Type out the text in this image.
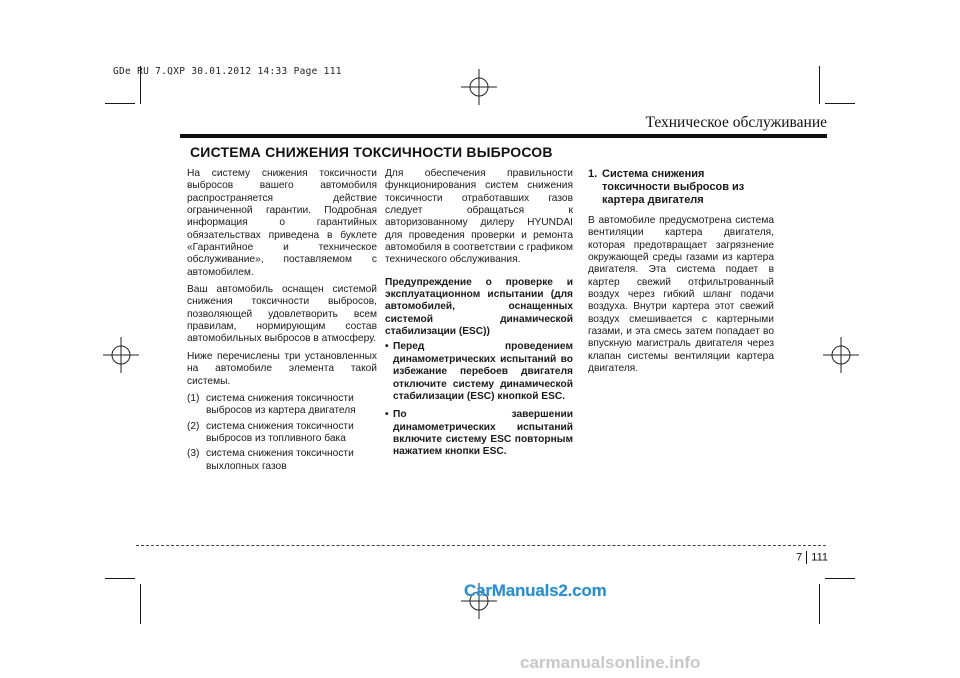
GDe RU 7.QXP 30.01.2012 14:33 Page 111
Техническое обслуживание
СИСТЕМА СНИЖЕНИЯ ТОКСИЧНОСТИ ВЫБРОСОВ

На систему снижения токсичности выбросов вашего автомобиля распространяется действие ограниченной гарантии. Подробная информация о гарантийных обязательствах приведена в буклете «Гарантийное и техническое обслуживание», поставляемом с автомобилем.

Ваш автомобиль оснащен системой снижения токсичности выбросов, позволяющей удовлетворить всем правилам, нормирующим состав автомобильных выбросов в атмосферу.

Ниже перечислены три установленных на автомобиле элемента такой системы.

(1) система снижения токсичности выбросов из картера двигателя
(2) система снижения токсичности выбросов из топливного бака
(3) система снижения токсичности выхлопных газов

Для обеспечения правильности функционирования систем снижения токсичности отработавших газов следует обращаться к авторизованному дилеру HYUNDAI для проведения проверки и ремонта автомобиля в соответствии с графиком технического обслуживания.

Предупреждение о проверке и эксплуатационном испытании (для автомобилей, оснащенных системой динамической стабилизации (ESC))

• Перед проведением динамометрических испытаний во избежание перебоев двигателя отключите систему динамической стабилизации (ESC) кнопкой ESC.
• По завершении динамометрических испытаний включите систему ESC повторным нажатием кнопки ESC.
1. Система снижения токсичности выбросов из картера двигателя

В автомобиле предусмотрена система вентиляции картера двигателя, которая предотвращает загрязнение окружающей среды газами из картера двигателя. Эта система подает в картер свежий отфильтрованный воздух через гибкий шланг подачи воздуха. Внутри картера этот свежий воздух смешивается с картерными газами, и эта смесь затем попадает во впускную магистраль двигателя через клапан системы вентиляции картера двигателя.

7 111
CarManuals2.com
carmanualsonline.info
